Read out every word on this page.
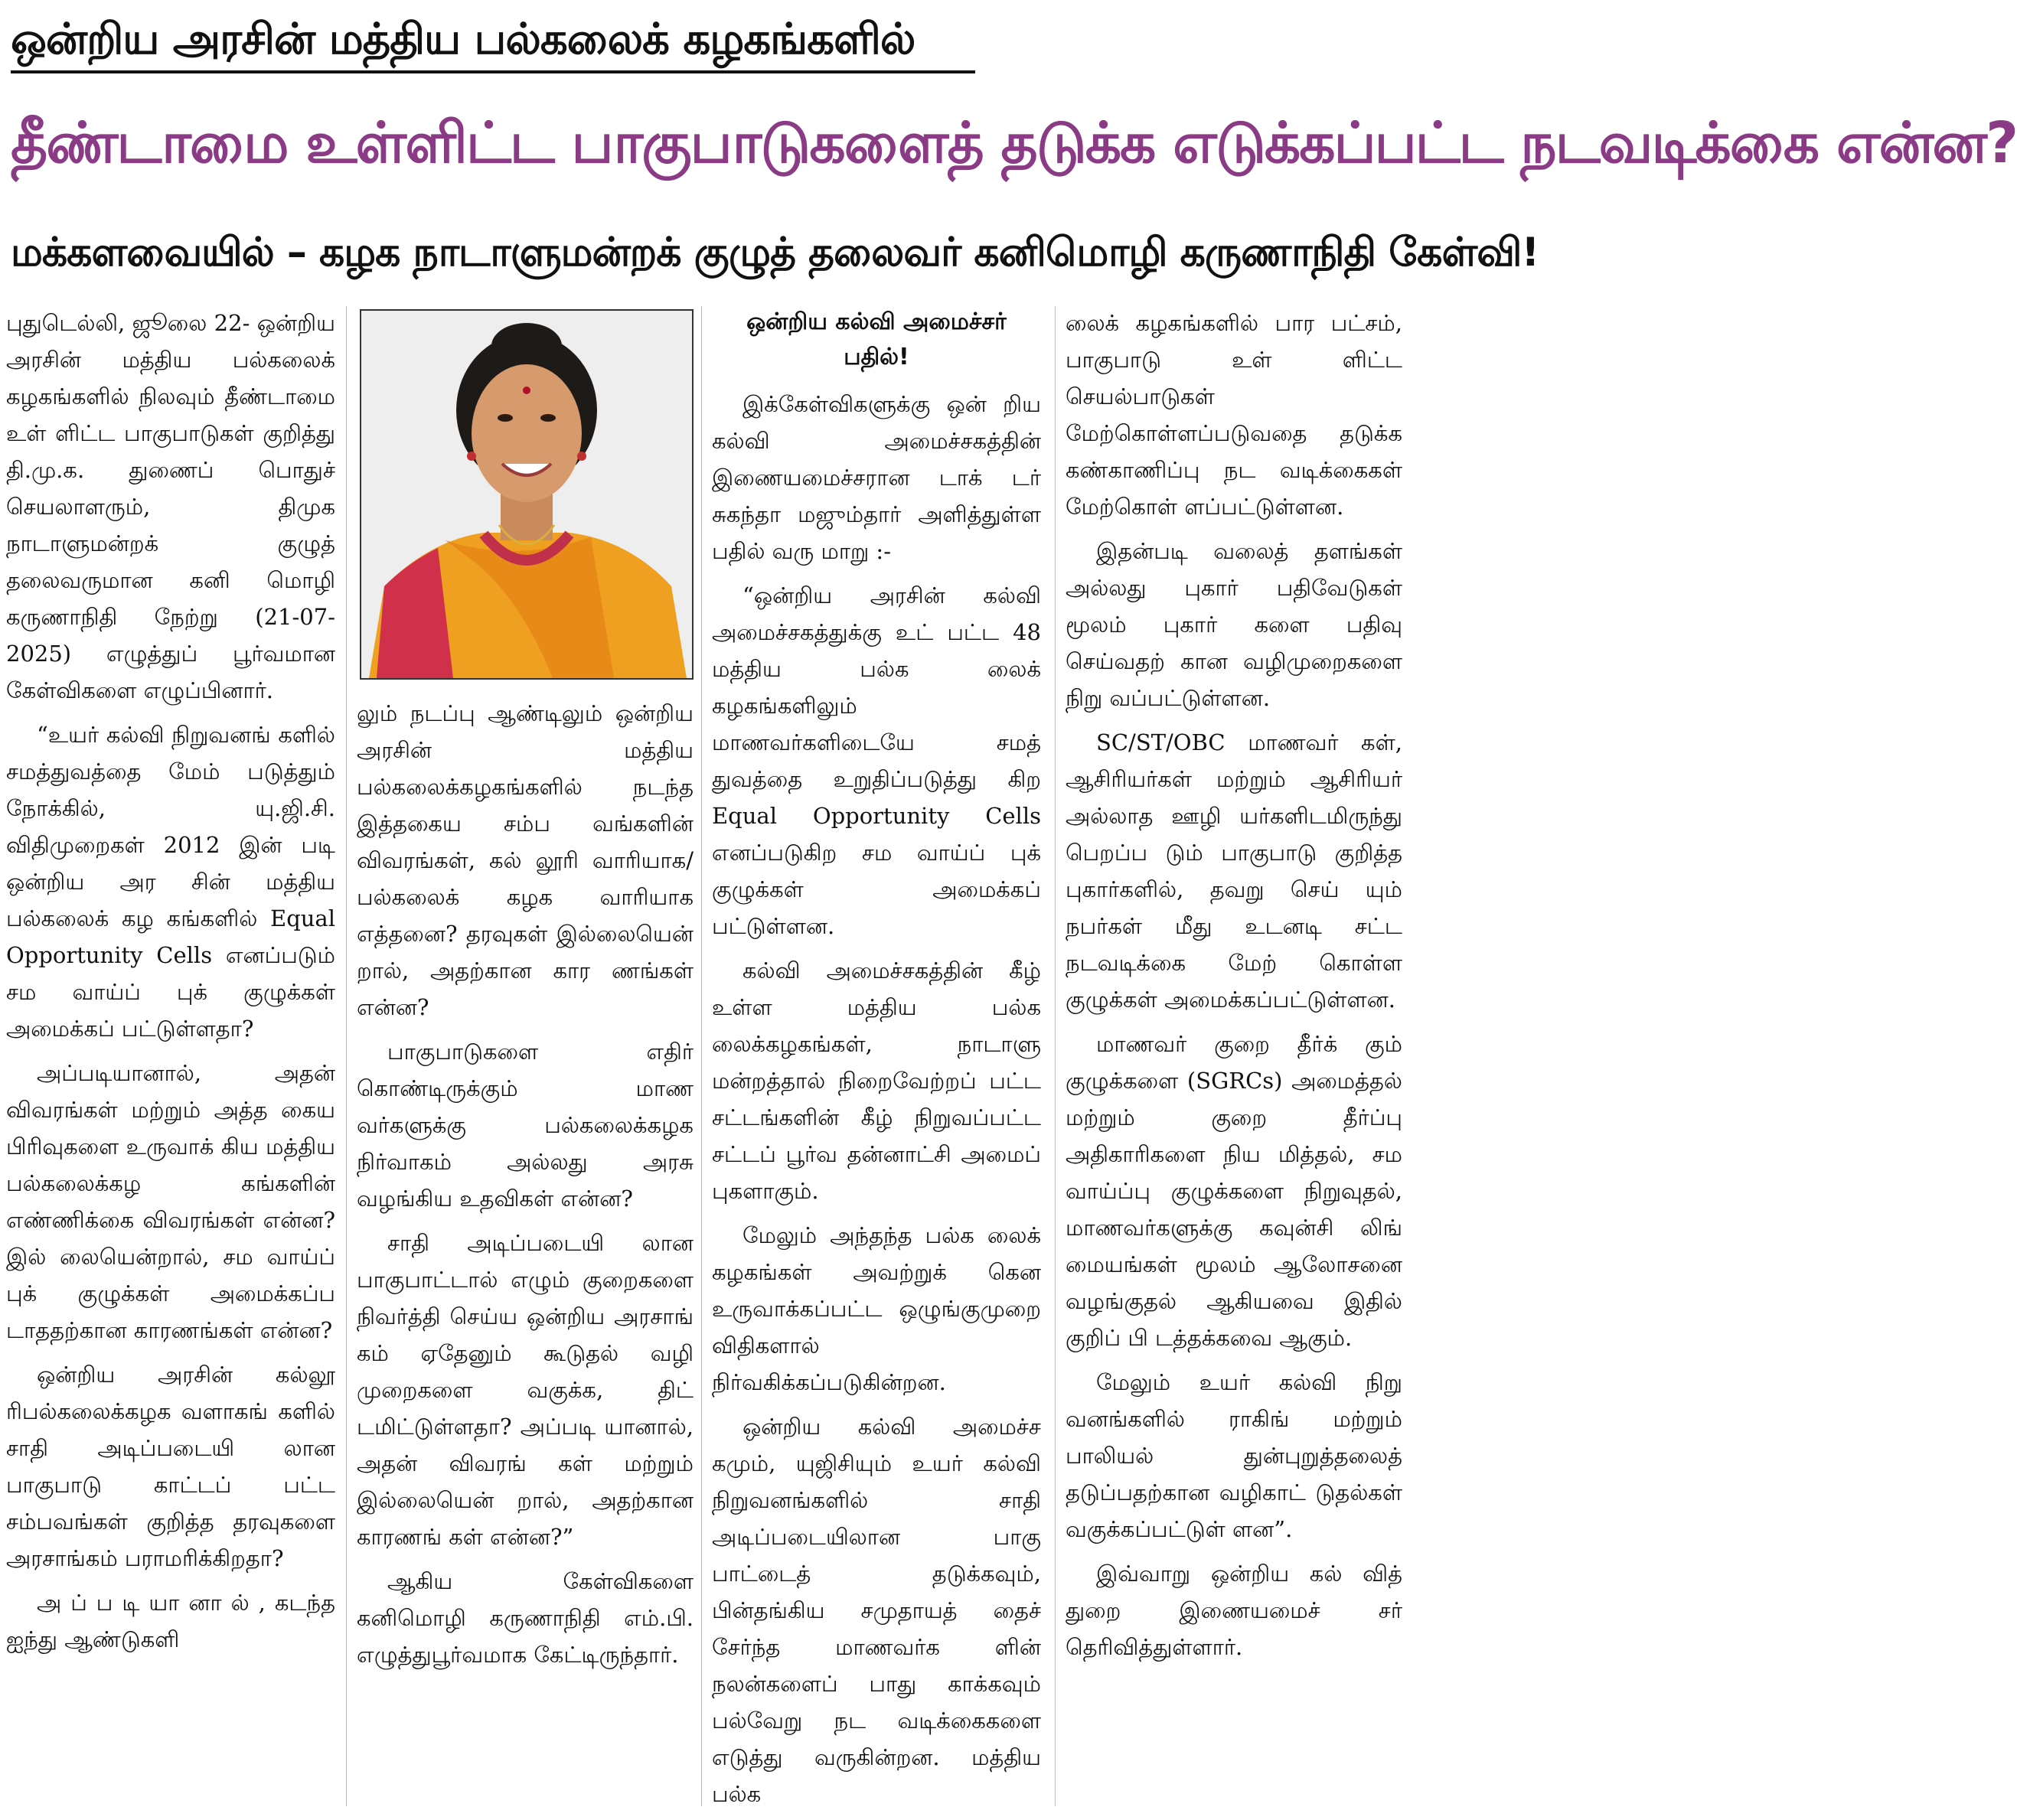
ஒன்றிய அரசின் மத்திய பல்கலைக் கழகங்களில்
தீண்டாமை உள்ளிட்ட பாகுபாடுகளைத் தடுக்க எடுக்கப்பட்ட நடவடிக்கை என்ன?
மக்களவையில் – கழக நாடாளுமன்றக் குழுத் தலைவர் கனிமொழி கருணாநிதி கேள்வி!

புதுடெல்லி, ஜூலை 22- ஒன்றிய அரசின் மத்திய பல்கலைக் கழகங்களில் நிலவும் தீண்டாமை உள் ளிட்ட பாகுபாடுகள் குறித்து தி.மு.க. துணைப் பொதுச் செயலாளரும், திமுக நாடாளுமன்றக் குழுத் தலைவருமான கனி மொழி கருணாநிதி நேற்று (21-07-2025) எழுத்துப் பூர்வமான கேள்விகளை எழுப்பினார்.

“உயர் கல்வி நிறுவனங் களில் சமத்துவத்தை மேம் படுத்தும் நோக்கில், யு.ஜி.சி. விதிமுறைகள் 2012 இன் படி ஒன்றிய அர சின் மத்திய பல்கலைக் கழ கங்களில் Equal Opportunity Cells எனப்படும் சம வாய்ப் புக் குழுக்கள் அமைக்கப் பட்டுள்ளதா?

அப்படியானால், அதன் விவரங்கள் மற்றும் அத்த கைய பிரிவுகளை உருவாக் கிய மத்திய பல்கலைக்கழ கங்களின் எண்ணிக்கை விவரங்கள் என்ன? இல் லையென்றால், சம வாய்ப் புக் குழுக்கள் அமைக்கப்ப டாததற்கான காரணங்கள் என்ன?

ஒன்றிய அரசின் கல்லூ ரிபல்கலைக்கழக வளாகங் களில் சாதி அடிப்படையி லான பாகுபாடு காட்டப் பட்ட சம்பவங்கள் குறித்த தரவுகளை அரசாங்கம் பராமரிக்கிறதா?

அ ப் ப டி யா னா ல் , கடந்த ஐந்து ஆண்டுகளி

லும் நடப்பு ஆண்டிலும் ஒன்றிய அரசின் மத்திய பல்கலைக்கழகங்களில் நடந்த இத்தகைய சம்ப வங்களின் விவரங்கள், கல் லூரி வாரியாக/பல்கலைக் கழக வாரியாக எத்தனை? தரவுகள் இல்லையென் றால், அதற்கான கார ணங்கள் என்ன?

பாகுபாடுகளை எதிர் கொண்டிருக்கும் மாண வர்களுக்கு பல்கலைக்கழக நிர்வாகம் அல்லது அரசு வழங்கிய உதவிகள் என்ன?

சாதி அடிப்படையி லான பாகுபாட்டால் எழும் குறைகளை நிவர்த்தி செய்ய ஒன்றிய அரசாங் கம் ஏதேனும் கூடுதல் வழி முறைகளை வகுக்க, திட் டமிட்டுள்ளதா? அப்படி யானால், அதன் விவரங் கள் மற்றும் இல்லையென் றால், அதற்கான காரணங் கள் என்ன?”

ஆகிய கேள்விகளை கனிமொழி கருணாநிதி எம்.பி. எழுத்துபூர்வமாக கேட்டிருந்தார்.

ஒன்றிய கல்வி அமைச்சர் பதில்!

இக்கேள்விகளுக்கு ஒன் றிய கல்வி அமைச்சகத்தின் இணையமைச்சரான டாக் டர் சுகந்தா மஜும்தார் அளித்துள்ள பதில் வரு மாறு :-

“ஒன்றிய அரசின் கல்வி அமைச்சகத்துக்கு உட் பட்ட 48 மத்திய பல்க லைக் கழகங்களிலும் மாணவர்களிடையே சமத் துவத்தை உறுதிப்படுத்து கிற Equal Opportunity Cells எனப்படுகிற சம வாய்ப் புக் குழுக்கள் அமைக்கப் பட்டுள்ளன.

கல்வி அமைச்சகத்தின் கீழ் உள்ள மத்திய பல்க லைக்கழகங்கள், நாடாளு மன்றத்தால் நிறைவேற்றப் பட்ட சட்டங்களின் கீழ் நிறுவப்பட்ட சட்டப் பூர்வ தன்னாட்சி அமைப் புகளாகும்.

மேலும் அந்தந்த பல்க லைக் கழகங்கள் அவற்றுக் கென உருவாக்கப்பட்ட ஒழுங்குமுறை விதிகளால் நிர்வகிக்கப்படுகின்றன.

ஒன்றிய கல்வி அமைச்ச கமும், யுஜிசியும் உயர் கல்வி நிறுவனங்களில் சாதி அடிப்படையிலான பாகு பாட்டைத் தடுக்கவும், பின்தங்கிய சமுதாயத் தைச் சேர்ந்த மாணவர்க ளின் நலன்களைப் பாது காக்கவும் பல்வேறு நட வடிக்கைகளை எடுத்து வருகின்றன. மத்திய பல்க

லைக் கழகங்களில் பார பட்சம், பாகுபாடு உள் ளிட்ட செயல்பாடுகள் மேற்கொள்ளப்படுவதை தடுக்க கண்காணிப்பு நட வடிக்கைகள் மேற்கொள் ளப்பட்டுள்ளன.

இதன்படி வலைத் தளங்கள் அல்லது புகார் பதிவேடுகள் மூலம் புகார் களை பதிவு செய்வதற் கான வழிமுறைகளை நிறு வப்பட்டுள்ளன.

SC/ST/OBC மாணவர் கள், ஆசிரியர்கள் மற்றும் ஆசிரியர் அல்லாத ஊழி யர்களிடமிருந்து பெறப்ப டும் பாகுபாடு குறித்த புகார்களில், தவறு செய் யும் நபர்கள் மீது உடனடி சட்ட நடவடிக்கை மேற் கொள்ள குழுக்கள் அமைக்கப்பட்டுள்ளன.

மாணவர் குறை தீர்க் கும் குழுக்களை (SGRCs) அமைத்தல் மற்றும் குறை தீர்ப்பு அதிகாரிகளை நிய மித்தல், சம வாய்ப்பு குழுக்களை நிறுவுதல், மாணவர்களுக்கு கவுன்சி லிங் மையங்கள் மூலம் ஆலோசனை வழங்குதல் ஆகியவை இதில் குறிப் பி டத்தக்கவை ஆகும்.

மேலும் உயர் கல்வி நிறு வனங்களில் ராகிங் மற்றும் பாலியல் துன்புறுத்தலைத் தடுப்பதற்கான வழிகாட் டுதல்கள் வகுக்கப்பட்டுள் ளன”.

இவ்வாறு ஒன்றிய கல் வித் துறை இணையமைச் சர் தெரிவித்துள்ளார்.
